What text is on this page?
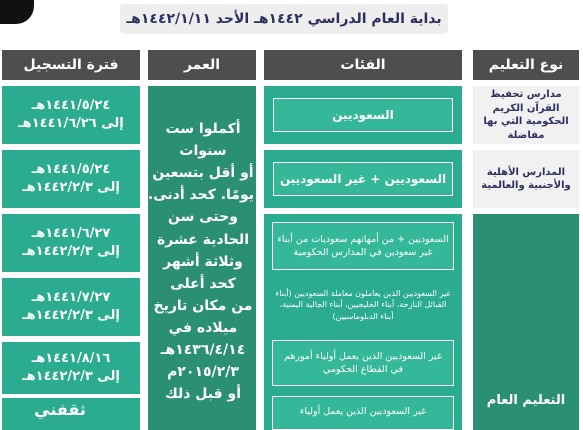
بداية العام الدراسي ١٤٤٢هـ الأحد ١٤٤٢/١/١١هـ
نوع التعليم
الفئات
العمر
فترة التسجيل
مدارس تحفيظ القرآن الكريم الحكومية التي بها مفاضلة
السعوديين
١٤٤١/٥/٢٤هـ
إلى ١٤٤١/٦/٢٦هـ
المدارس الأهلية والأجنبية والعالمية
السعوديين + غير السعوديين
١٤٤١/٥/٢٤هـ
إلى ١٤٤٢/٢/٣هـ
التعليم العام
السعوديين + من أمهاتهم سعوديات من أبناء غير سعودين في المدارس الحكومية
غير السعوديين الذين يعاملون معاملة السعوديين (أبناء القبائل النازحة، أبناء الخليجيين، أبناء الجالية اليمنية، أبناء الدبلوماسيين)
غير السعوديين الذين يعمل أولياء أمورهم في القطاع الحكومي
غير السعوديين الذين يعمل أولياء
أكملوا ست
سنوات
أو أقل بتسعين
يومًا. كحد أدنى.
وحتى سن
الحادية عشرة
وثلاثة أشهر
كحد أعلى
من مكان تاريخ
ميلاده في
١٤٣٦/٤/١٤هـ
٢٠١٥/٢/٣م
أو قبل ذلك
١٤٤١/٦/٢٧هـ
إلى ١٤٤٢/٢/٣هـ
١٤٤١/٧/٢٧هـ
إلى ١٤٤٢/٢/٣هـ
١٤٤١/٨/١٦هـ
إلى ١٤٤٢/٢/٣هـ
ثقفني
